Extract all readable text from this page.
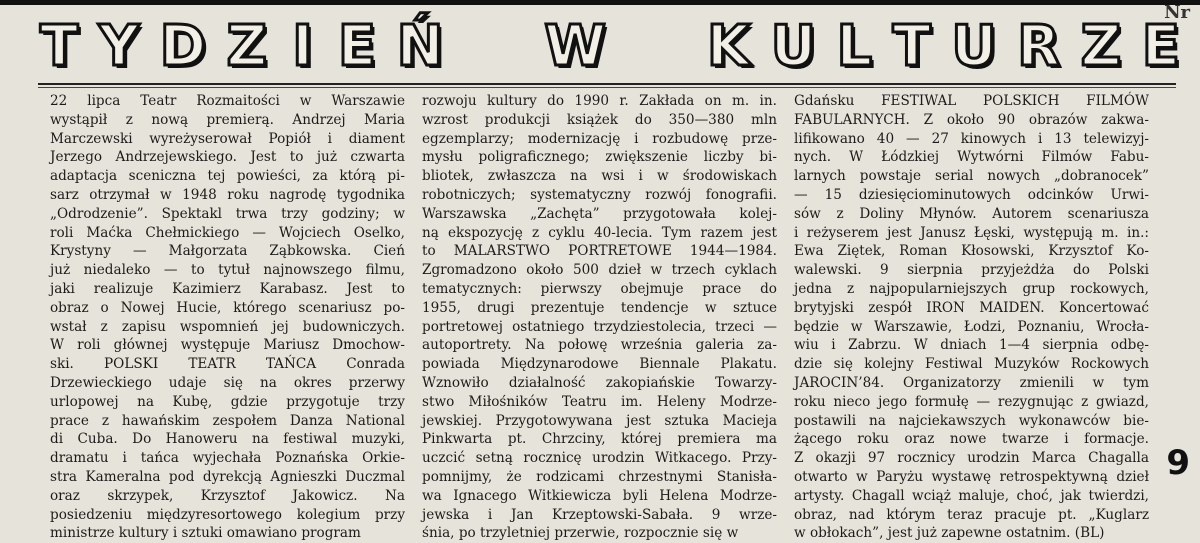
Nr
T Y D Z I E Ń W K U L T U R Z E
22 lipca Teatr Rozmaitości w Warszawie
wystąpił z nową premierą. Andrzej Maria
Marczewski wyreżyserował Popiół i diament
Jerzego Andrzejewskiego. Jest to już czwarta
adaptacja sceniczna tej powieści, za którą pi-
sarz otrzymał w 1948 roku nagrodę tygodnika
„Odrodzenie”. Spektakl trwa trzy godziny; w
roli Maćka Chełmickiego — Wojciech Oselko,
Krystyny — Małgorzata Ząbkowska. Cień
już niedaleko — to tytuł najnowszego filmu,
jaki realizuje Kazimierz Karabasz. Jest to
obraz o Nowej Hucie, którego scenariusz po-
wstał z zapisu wspomnień jej budowniczych.
W roli głównej występuje Mariusz Dmochow-
ski. POLSKI TEATR TAŃCA Conrada
Drzewieckiego udaje się na okres przerwy
urlopowej na Kubę, gdzie przygotuje trzy
prace z hawańskim zespołem Danza National
di Cuba. Do Hanoweru na festiwal muzyki,
dramatu i tańca wyjechała Poznańska Orkie-
stra Kameralna pod dyrekcją Agnieszki Duczmal
oraz skrzypek, Krzysztof Jakowicz. Na
posiedzeniu międzyresortowego kolegium przy
ministrze kultury i sztuki omawiano program
rozwoju kultury do 1990 r. Zakłada on m. in.
wzrost produkcji książek do 350—380 mln
egzemplarzy; modernizację i rozbudowę prze-
mysłu poligraficznego; zwiększenie liczby bi-
bliotek, zwłaszcza na wsi i w środowiskach
robotniczych; systematyczny rozwój fonografii.
Warszawska „Zachęta” przygotowała kolej-
ną ekspozycję z cyklu 40-lecia. Tym razem jest
to MALARSTWO PORTRETOWE 1944—1984.
Zgromadzono około 500 dzieł w trzech cyklach
tematycznych: pierwszy obejmuje prace do
1955, drugi prezentuje tendencje w sztuce
portretowej ostatniego trzydziestolecia, trzeci —
autoportrety. Na połowę września galeria za-
powiada Międzynarodowe Biennale Plakatu.
Wznowiło działalność zakopiańskie Towarzy-
stwo Miłośników Teatru im. Heleny Modrze-
jewskiej. Przygotowywana jest sztuka Macieja
Pinkwarta pt. Chrzciny, której premiera ma
uczcić setną rocznicę urodzin Witkacego. Przy-
pomnijmy, że rodzicami chrzestnymi Stanisła-
wa Ignacego Witkiewicza byli Helena Modrze-
jewska i Jan Krzeptowski-Sabała. 9 wrze-
śnia, po trzyletniej przerwie, rozpocznie się w
Gdańsku FESTIWAL POLSKICH FILMÓW
FABULARNYCH. Z około 90 obrazów zakwa-
lifikowano 40 — 27 kinowych i 13 telewizyj-
nych. W Łódzkiej Wytwórni Filmów Fabu-
larnych powstaje serial nowych „dobranocek”
— 15 dziesięciominutowych odcinków Urwi-
sów z Doliny Młynów. Autorem scenariusza
i reżyserem jest Janusz Łęski, występują m. in.:
Ewa Ziętek, Roman Kłosowski, Krzysztof Ko-
walewski. 9 sierpnia przyjeżdża do Polski
jedna z najpopularniejszych grup rockowych,
brytyjski zespół IRON MAIDEN. Koncertować
będzie w Warszawie, Łodzi, Poznaniu, Wrocła-
wiu i Zabrzu. W dniach 1—4 sierpnia odbę-
dzie się kolejny Festiwal Muzyków Rockowych
JAROCIN’84. Organizatorzy zmienili w tym
roku nieco jego formułę — rezygnując z gwiazd,
postawili na najciekawszych wykonawców bie-
żącego roku oraz nowe twarze i formacje.
Z okazji 97 rocznicy urodzin Marca Chagalla
otwarto w Paryżu wystawę retrospektywną dzieł
artysty. Chagall wciąż maluje, choć, jak twierdzi,
obraz, nad którym teraz pracuje pt. „Kuglarz
w obłokach”, jest już zapewne ostatnim. (BL)
9
